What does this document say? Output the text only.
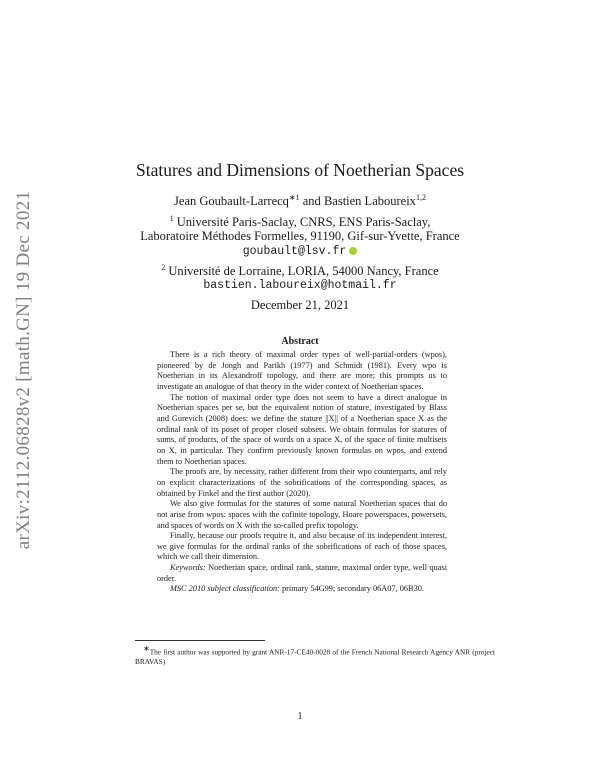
arXiv:2112.06828v2 [math.GN] 19 Dec 2021
Statures and Dimensions of Noetherian Spaces
Jean Goubault-Larrecq$^{∗1}$ and Bastien Laboureix$^{1,2}$
$^1$ Université Paris-Saclay, CNRS, ENS Paris-Saclay,
Laboratoire Méthodes Formelles, 91190, Gif-sur-Yvette, France
goubault@lsv.fr
$^2$ Université de Lorraine, LORIA, 54000 Nancy, France
bastien.laboureix@hotmail.fr
December 21, 2021
Abstract

There is a rich theory of maximal order types of well-partial-orders (wpos), pioneered by de Jongh and Parikh (1977) and Schmidt (1981). Every wpo is Noetherian in its Alexandroff topology, and there are more; this prompts us to investigate an analogue of that theory in the wider context of Noetherian spaces.

The notion of maximal order type does not seem to have a direct analogue in Noetherian spaces per se, but the equivalent notion of stature, investigated by Blass and Gurevich (2008) does: we define the stature ||X|| of a Noetherian space X as the ordinal rank of its poset of proper closed subsets. We obtain formulas for statures of sums, of products, of the space of words on a space X, of the space of finite multisets on X, in particular. They confirm previously known formulas on wpos, and extend them to Noetherian spaces.

The proofs are, by necessity, rather different from their wpo counterparts, and rely on explicit characterizations of the sobrifications of the corresponding spaces, as obtained by Finkel and the first author (2020).

We also give formulas for the statures of some natural Noetherian spaces that do not arise from wpos: spaces with the cofinite topology, Hoare powerspaces, powersets, and spaces of words on X with the so-called prefix topology.

Finally, because our proofs require it, and also because of its independent interest, we give formulas for the ordinal ranks of the sobrifications of each of those spaces, which we call their dimension.

Keywords: Noetherian space, ordinal rank, stature, maximal order type, well quasi order.

MSC 2010 subject classification: primary 54G99; secondary 06A07, 06B30.

∗The first author was supported by grant ANR-17-CE40-0028 of the French National Research Agency ANR (project BRAVAS)
1
